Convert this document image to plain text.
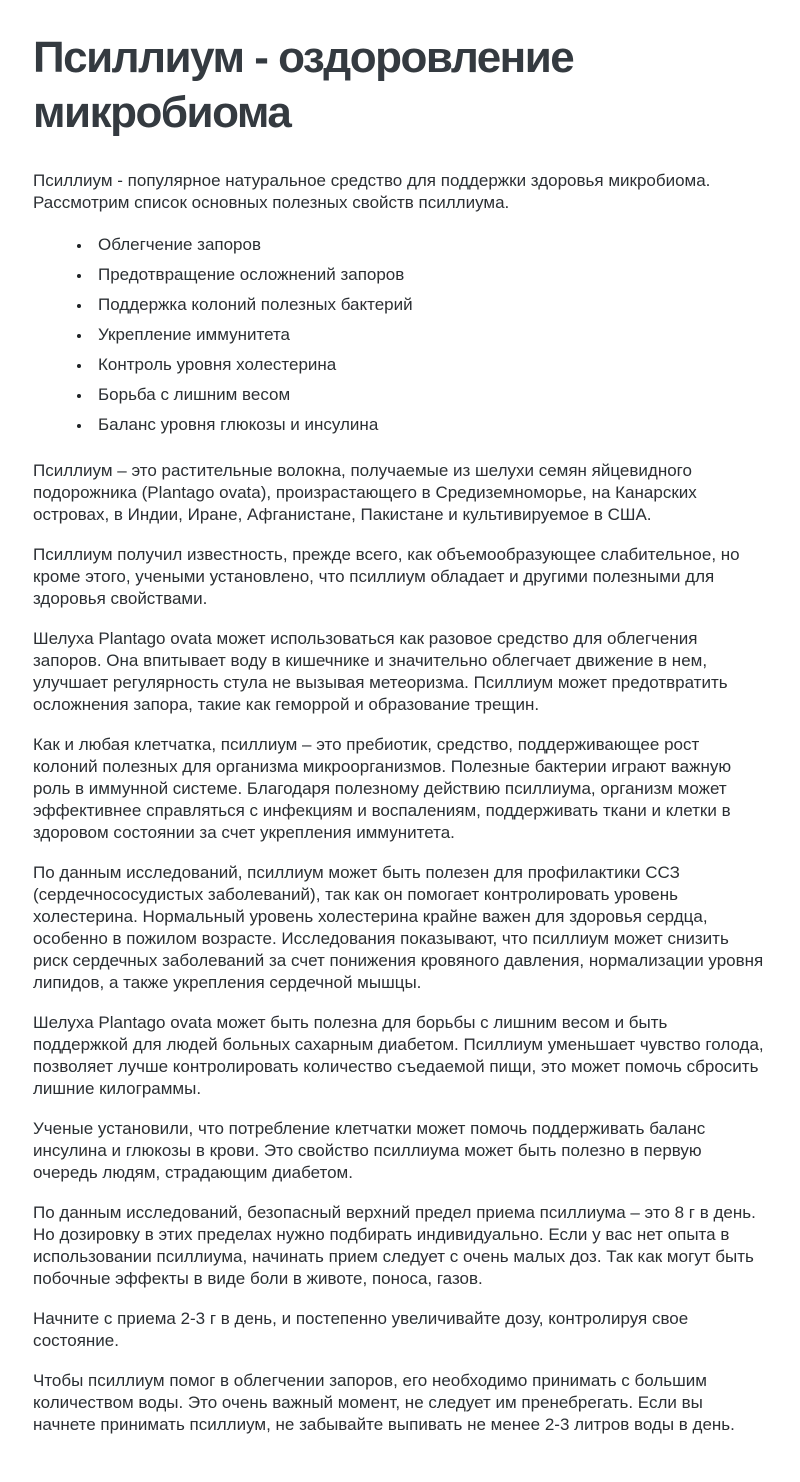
Псиллиум - оздоровление микробиома

Псиллиум - популярное натуральное средство для поддержки здоровья микробиома. Рассмотрим список основных полезных свойств псиллиума.

• Облегчение запоров
• Предотвращение осложнений запоров
• Поддержка колоний полезных бактерий
• Укрепление иммунитета
• Контроль уровня холестерина
• Борьба с лишним весом
• Баланс уровня глюкозы и инсулина

Псиллиум – это растительные волокна, получаемые из шелухи семян яйцевидного подорожника (Plantago ovata), произрастающего в Средиземноморье, на Канарских островах, в Индии, Иране, Афганистане, Пакистане и культивируемое в США.

Псиллиум получил известность, прежде всего, как объемообразующее слабительное, но кроме этого, учеными установлено, что псиллиум обладает и другими полезными для здоровья свойствами.

Шелуха Plantago ovata может использоваться как разовое средство для облегчения запоров. Она впитывает воду в кишечнике и значительно облегчает движение в нем, улучшает регулярность стула не вызывая метеоризма. Псиллиум может предотвратить осложнения запора, такие как геморрой и образование трещин.

Как и любая клетчатка, псиллиум – это пребиотик, средство, поддерживающее рост колоний полезных для организма микроорганизмов. Полезные бактерии играют важную роль в иммунной системе. Благодаря полезному действию псиллиума, организм может эффективнее справляться с инфекциям и воспалениям, поддерживать ткани и клетки в здоровом состоянии за счет укрепления иммунитета.

По данным исследований, псиллиум может быть полезен для профилактики ССЗ (сердечнососудистых заболеваний), так как он помогает контролировать уровень холестерина. Нормальный уровень холестерина крайне важен для здоровья сердца, особенно в пожилом возрасте. Исследования показывают, что псиллиум может снизить риск сердечных заболеваний за счет понижения кровяного давления, нормализации уровня липидов, а также укрепления сердечной мышцы.

Шелуха Plantago ovata может быть полезна для борьбы с лишним весом и быть поддержкой для людей больных сахарным диабетом. Псиллиум уменьшает чувство голода, позволяет лучше контролировать количество съедаемой пищи, это может помочь сбросить лишние килограммы.

Ученые установили, что потребление клетчатки может помочь поддерживать баланс инсулина и глюкозы в крови. Это свойство псиллиума может быть полезно в первую очередь людям, страдающим диабетом.

По данным исследований, безопасный верхний предел приема псиллиума – это 8 г в день. Но дозировку в этих пределах нужно подбирать индивидуально. Если у вас нет опыта в использовании псиллиума, начинать прием следует с очень малых доз. Так как могут быть побочные эффекты в виде боли в животе, поноса, газов.

Начните с приема 2-3 г в день, и постепенно увеличивайте дозу, контролируя свое состояние.

Чтобы псиллиум помог в облегчении запоров, его необходимо принимать с большим количеством воды. Это очень важный момент, не следует им пренебрегать. Если вы начнете принимать псиллиум, не забывайте выпивать не менее 2-3 литров воды в день.
